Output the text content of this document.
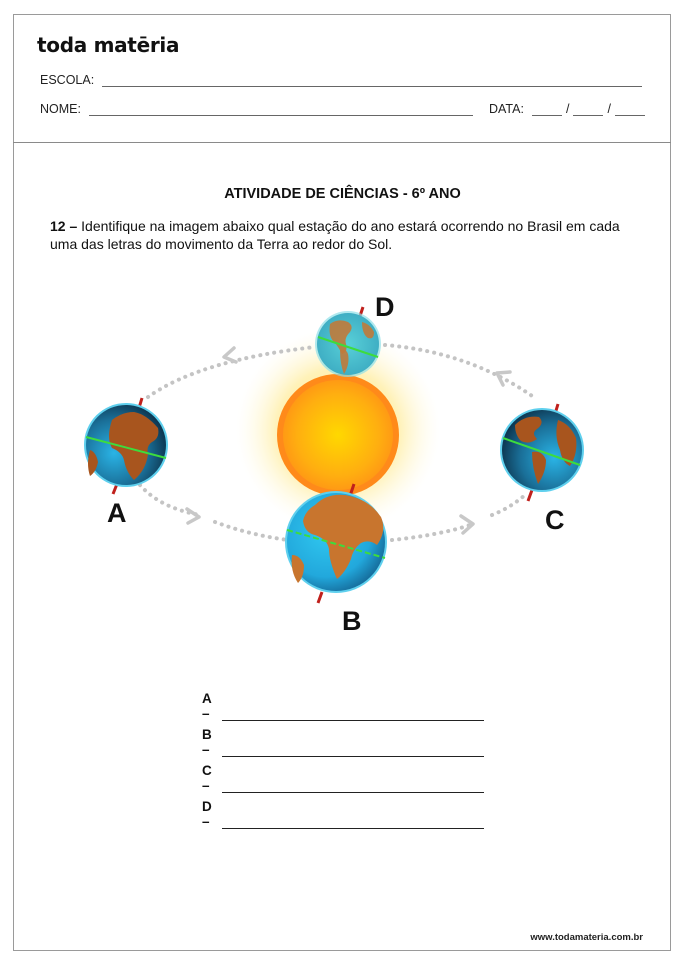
toda matēria
ESCOLA:
NOME:	DATA:	/	/
ATIVIDADE DE CIÊNCIAS - 6º ANO
12 – Identifique na imagem abaixo qual estação do ano estará ocorrendo no Brasil em cada uma das letras do movimento da Terra ao redor do Sol.
A
B
C
D
A –
B –
C –
D –
www.todamateria.com.br
